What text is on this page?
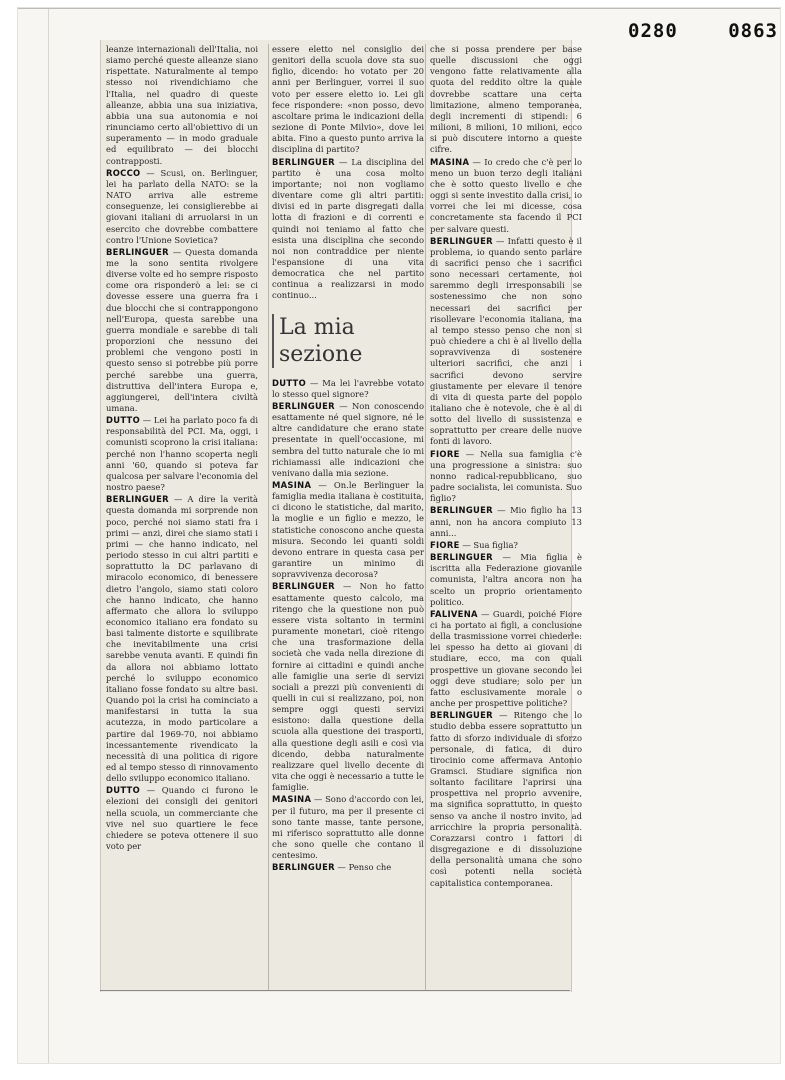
0280	0863

leanze internazionali dell'Italia, noi siamo perché queste alleanze siano rispettate. Naturalmente al tempo stesso noi rivendichiamo che l'Italia, nel quadro di queste alleanze, abbia una sua iniziativa, abbia una sua autonomia e noi rinunciamo certo all'obiettivo di un superamento — in modo graduale ed equilibrato — dei blocchi contrapposti.

ROCCO — Scusi, on. Berlinguer, lei ha parlato della NATO: se la NATO arriva alle estreme conseguenze, lei consiglierebbe ai giovani italiani di arruolarsi in un esercito che dovrebbe combattere contro l'Unione Sovietica?

BERLINGUER — Questa domanda me la sono sentita rivolgere diverse volte ed ho sempre risposto come ora risponderò a lei: se ci dovesse essere una guerra fra i due blocchi che si contrappongono nell'Europa, questa sarebbe una guerra mondiale e sarebbe di tali proporzioni che nessuno dei problemi che vengono posti in questo senso si potrebbe più porre perché sarebbe una guerra, distruttiva dell'intera Europa e, aggiungerei, dell'intera civiltà umana.

DUTTO — Lei ha parlato poco fa di responsabilità del PCI. Ma, oggi, i comunisti scoprono la crisi italiana: perché non l'hanno scoperta negli anni '60, quando si poteva far qualcosa per salvare l'economia del nostro paese?

BERLINGUER — A dire la verità questa domanda mi sorprende non poco, perché noi siamo stati fra i primi — anzi, direi che siamo stati i primi — che hanno indicato, nel periodo stesso in cui altri partiti e soprattutto la DC parlavano di miracolo economico, di benessere dietro l'angolo, siamo stati coloro che hanno indicato, che hanno affermato che allora lo sviluppo economico italiano era fondato su basi talmente distorte e squilibrate che inevitabilmente una crisi sarebbe venuta avanti. E quindi fin da allora noi abbiamo lottato perché lo sviluppo economico italiano fosse fondato su altre basi. Quando poi la crisi ha cominciato a manifestarsi in tutta la sua acutezza, in modo particolare a partire dal 1969-70, noi abbiamo incessantemente rivendicato la necessità di una politica di rigore ed al tempo stesso di rinnovamento dello sviluppo economico italiano.

DUTTO — Quando ci furono le elezioni dei consigli dei genitori nella scuola, un commerciante che vive nel suo quartiere le fece chiedere se poteva ottenere il suo voto per

essere eletto nel consiglio dei genitori della scuola dove sta suo figlio, dicendo: ho votato per 20 anni per Berlinguer, vorrei il suo voto per essere eletto io. Lei gli fece rispondere: «non posso, devo ascoltare prima le indicazioni della sezione di Ponte Milvio», dove lei abita. Fino a questo punto arriva la disciplina di partito?

BERLINGUER — La disciplina del partito è una cosa molto importante; noi non vogliamo diventare come gli altri partiti: divisi ed in parte disgregati dalla lotta di frazioni e di correnti e quindi noi teniamo al fatto che esista una disciplina che secondo noi non contraddice per niente l'espansione di una vita democratica che nel partito continua a realizzarsi in modo continuo...

La mia sezione

DUTTO — Ma lei l'avrebbe votato lo stesso quel signore?

BERLINGUER — Non conoscendo esattamente né quel signore, né le altre candidature che erano state presentate in quell'occasione, mi sembra del tutto naturale che io mi richiamassi alle indicazioni che venivano dalla mia sezione.

MASINA — On.le Berlinguer la famiglia media italiana è costituita, ci dicono le statistiche, dal marito, la moglie e un figlio e mezzo, le statistiche conoscono anche questa misura. Secondo lei quanti soldi devono entrare in questa casa per garantire un minimo di sopravvivenza decorosa?

BERLINGUER — Non ho fatto esattamente questo calcolo, ma ritengo che la questione non può essere vista soltanto in termini puramente monetari, cioè ritengo che una trasformazione della società che vada nella direzione di fornire ai cittadini e quindi anche alle famiglie una serie di servizi sociali a prezzi più convenienti di quelli in cui si realizzano, poi, non sempre oggi questi servizi esistono: dalla questione della scuola alla questione dei trasporti, alla questione degli asili e così via dicendo, debba naturalmente realizzare quel livello decente di vita che oggi è necessario a tutte le famiglie.

MASINA — Sono d'accordo con lei, per il futuro, ma per il presente ci sono tante masse, tante persone, mi riferisco soprattutto alle donne che sono quelle che contano il centesimo.

BERLINGUER — Penso che

che si possa prendere per base quelle discussioni che oggi vengono fatte relativamente alla quota del reddito oltre la quale dovrebbe scattare una certa limitazione, almeno temporanea, degli incrementi di stipendi: 6 milioni, 8 milioni, 10 milioni, ecco si può discutere intorno a queste cifre.

MASINA — Io credo che c'è per lo meno un buon terzo degli italiani che è sotto questo livello e che oggi si sente investito dalla crisi, io vorrei che lei mi dicesse, cosa concretamente sta facendo il PCI per salvare questi.

BERLINGUER — Infatti questo è il problema, io quando sento parlare di sacrifici penso che i sacrifici sono necessari certamente, noi saremmo degli irresponsabili se sostenessimo che non sono necessari dei sacrifici per risollevare l'economia italiana, ma al tempo stesso penso che non si può chiedere a chi è al livello della sopravvivenza di sostenere ulteriori sacrifici, che anzi i sacrifici devono servire giustamente per elevare il tenore di vita di questa parte del popolo italiano che è notevole, che è al di sotto del livello di sussistenza e soprattutto per creare delle nuove fonti di lavoro.

FIORE — Nella sua famiglia c'è una progressione a sinistra: suo nonno radical-repubblicano, suo padre socialista, lei comunista. Suo figlio?

BERLINGUER — Mio figlio ha 13 anni, non ha ancora compiuto 13 anni...

FIORE — Sua figlia?

BERLINGUER — Mia figlia è iscritta alla Federazione giovanile comunista, l'altra ancora non ha scelto un proprio orientamento politico.

FALIVENA — Guardi, poiché Fiore ci ha portato ai figli, a conclusione della trasmissione vorrei chiederle: lei spesso ha detto ai giovani di studiare, ecco, ma con quali prospettive un giovane secondo lei oggi deve studiare; solo per un fatto esclusivamente morale o anche per prospettive politiche?

BERLINGUER — Ritengo che lo studio debba essere soprattutto un fatto di sforzo individuale di sforzo personale, di fatica, di duro tirocinio come affermava Antonio Gramsci. Studiare significa non soltanto facilitare l'aprirsi una prospettiva nel proprio avvenire, ma significa soprattutto, in questo senso va anche il nostro invito, ad arricchire la propria personalità. Corazzarsi contro i fattori di disgregazione e di dissoluzione della personalità umana che sono così potenti nella società capitalistica contemporanea.
